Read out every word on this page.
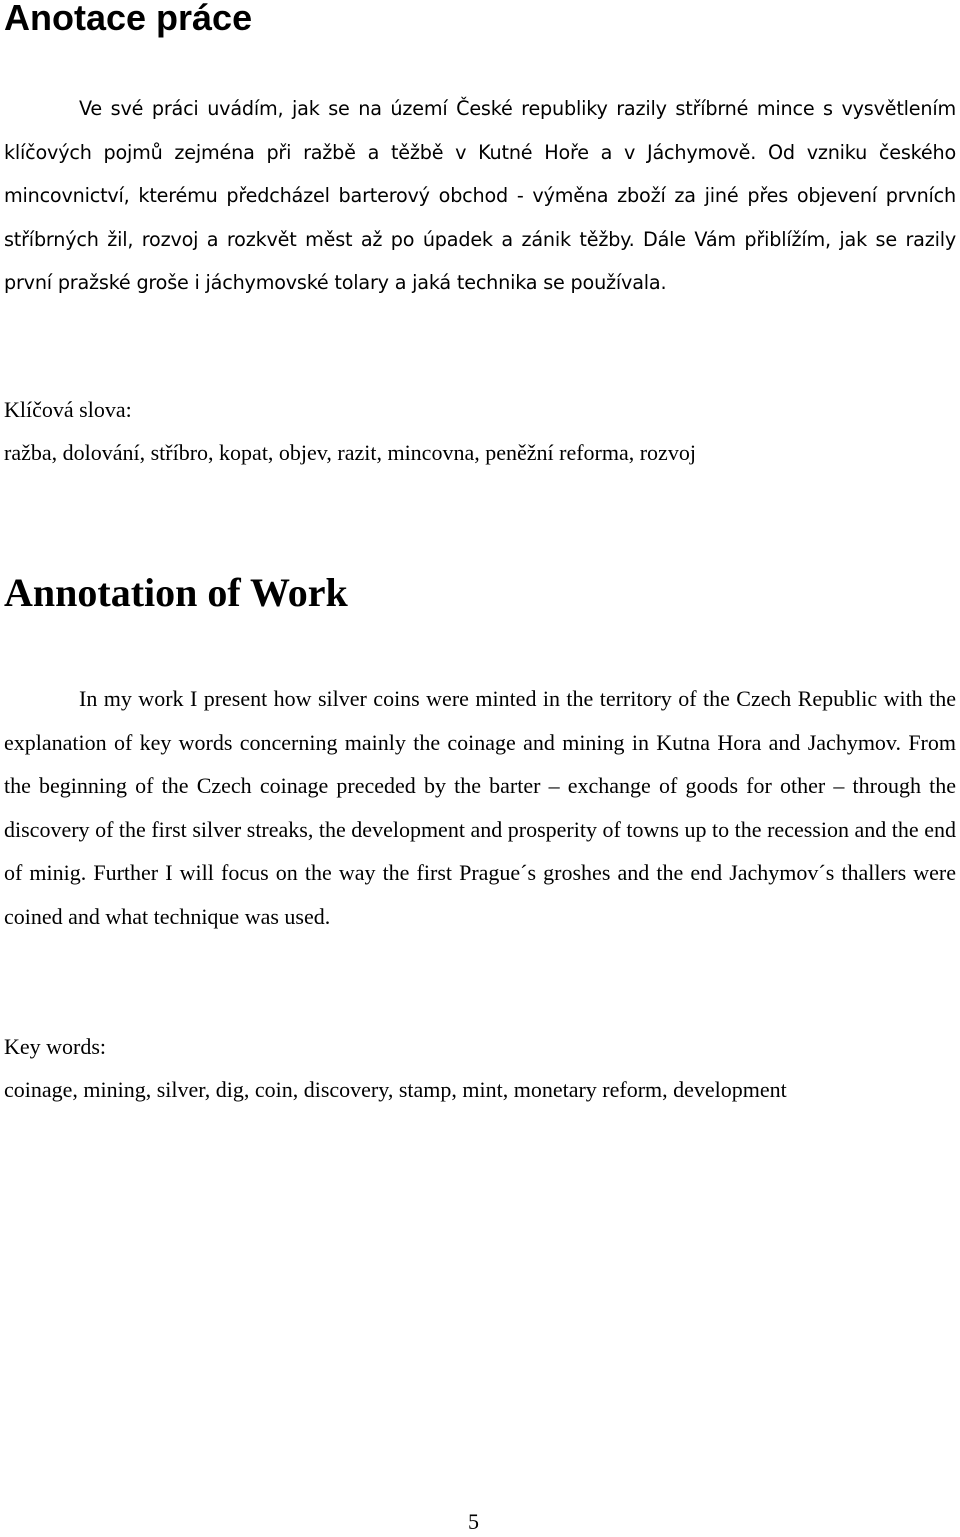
Anotace práce

Ve své práci uvádím, jak se na území České republiky razily stříbrné mince s vysvětlením klíčových pojmů zejména při ražbě a těžbě v Kutné Hoře a v Jáchymově. Od vzniku českého mincovnictví, kterému předcházel barterový obchod - výměna zboží za jiné přes objevení prvních stříbrných žil, rozvoj a rozkvět měst až po úpadek a zánik těžby. Dále Vám přiblížím, jak se razily první pražské groše i jáchymovské tolary a jaká technika se používala.

Klíčová slova:

ražba, dolování, stříbro, kopat, objev, razit, mincovna, peněžní reforma, rozvoj

Annotation of Work

In my work I present how silver coins were minted in the territory of the Czech Republic with the explanation of key words concerning mainly the coinage and mining in Kutna Hora and Jachymov. From the beginning of the Czech coinage preceded by the barter – exchange of goods for other – through the discovery of the first silver streaks, the development and prosperity of towns up to the recession and the end of minig. Further I will focus on the way the first Prague´s groshes and the end Jachymov´s thallers were coined and what technique was used.

Key words:

coinage, mining, silver, dig, coin, discovery, stamp, mint, monetary reform, development

5
